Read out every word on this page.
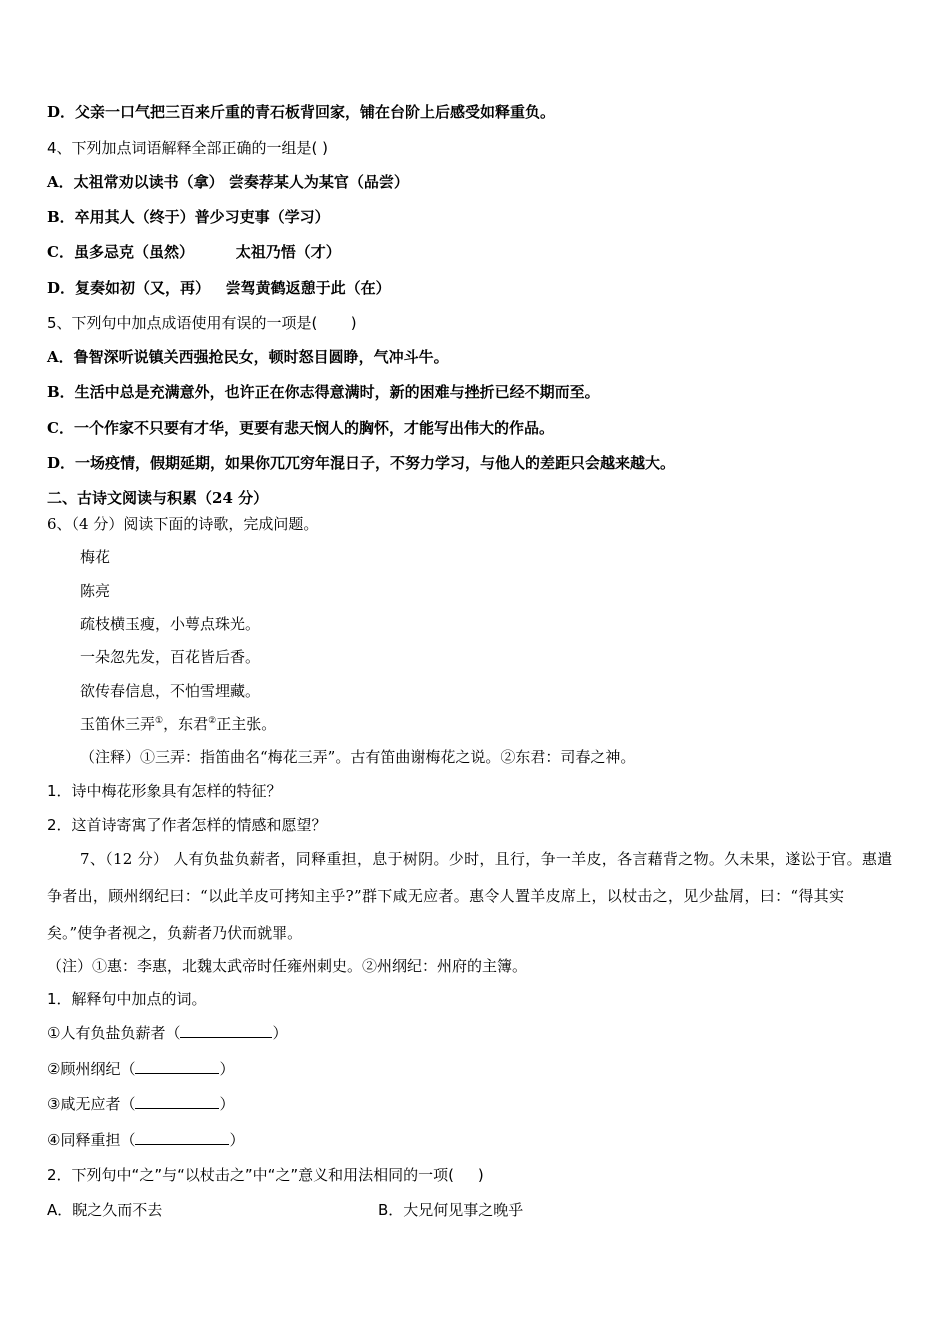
D．父亲一口气把三百来斤重的青石板背回家，铺在台阶上后感受如释重负。
4、下列加点词语解释全部正确的一组是( )
A．太祖常劝以读书（拿） 尝奏荐某人为某官（品尝）
B．卒用其人（终于）普少习吏事（学习）
C．虽多忌克（虽然）        太祖乃悟（才）
D．复奏如初（又，再）   尝驾黄鹤返憩于此（在）
5、下列句中加点成语使用有误的一项是(       )
A．鲁智深听说镇关西强抢民女，顿时怒目圆睁，气冲斗牛。
B．生活中总是充满意外，也许正在你志得意满时，新的困难与挫折已经不期而至。
C．一个作家不只要有才华，更要有悲天悯人的胸怀，才能写出伟大的作品。
D．一场疫情，假期延期，如果你兀兀穷年混日子，不努力学习，与他人的差距只会越来越大。
二、古诗文阅读与积累（24 分）
6、（4 分）阅读下面的诗歌，完成问题。
梅花
陈亮
疏枝横玉瘦，小萼点珠光。
一朵忽先发，百花皆后香。
欲传春信息，不怕雪埋藏。
玉笛休三弄①，东君②正主张。
（注释）①三弄：指笛曲名“梅花三弄”。古有笛曲谢梅花之说。②东君：司春之神。
1．诗中梅花形象具有怎样的特征？
2．这首诗寄寓了作者怎样的情感和愿望？
7、（12 分） 人有负盐负薪者，同释重担，息于树阴。少时，且行，争一羊皮，各言藉背之物。久未果，遂讼于官。惠遣
争者出，顾州纲纪曰：“以此羊皮可拷知主乎?”群下咸无应者。惠令人置羊皮席上，以杖击之，见少盐屑，曰：“得其实
矣。”使争者视之，负薪者乃伏而就罪。
（注）①惠：李惠，北魏太武帝时任雍州刺史。②州纲纪：州府的主簿。
1．解释句中加点的词。
①人有负盐负薪者（	）
②顾州纲纪（	）
③咸无应者（	）
④同释重担（	）
2．下列句中“之”与“以杖击之”中“之”意义和用法相同的一项(     )
A．睨之久而不去	B．大兄何见事之晚乎
